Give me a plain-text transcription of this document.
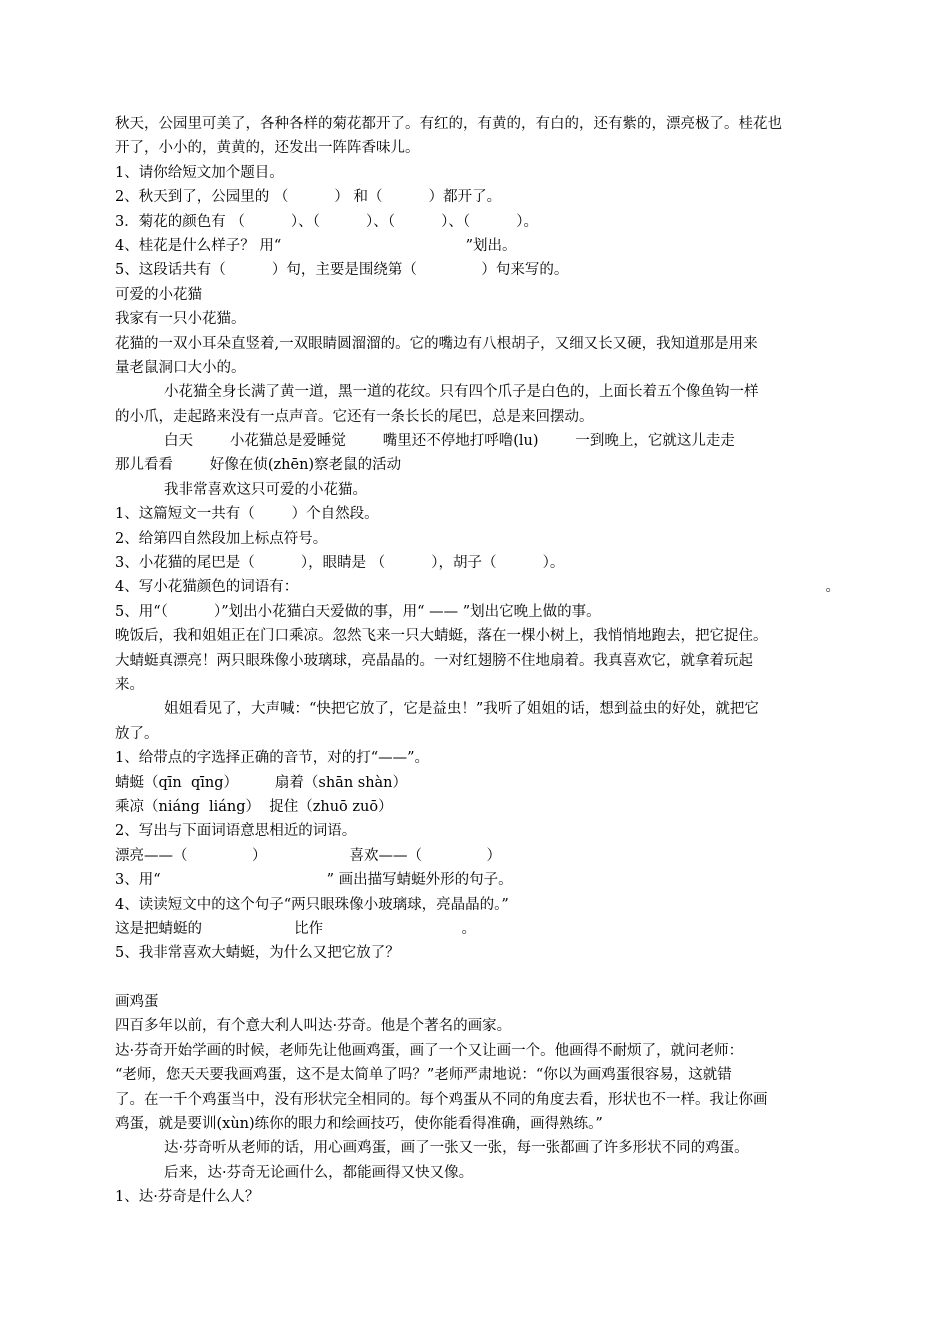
秋天，公园里可美了，各种各样的菊花都开了。有红的，有黄的，有白的，还有紫的，漂亮极了。桂花也
开了，小小的，黄黄的，还发出一阵阵香味儿。
1、请你给短文加个题目。
2、秋天到了，公园里的 （          ） 和（          ）都开了。
3．菊花的颜色有 （          ）、（          ）、（          ）、（          ）。
4、桂花是什么样子？ 用“                                        ”划出。
5、这段话共有（          ）句，主要是围绕第（              ）句来写的。
可爱的小花猫
我家有一只小花猫。
花猫的一双小耳朵直竖着,一双眼睛圆溜溜的。它的嘴边有八根胡子，又细又长又硬，我知道那是用来
量老鼠洞口大小的。
小花猫全身长满了黄一道，黑一道的花纹。只有四个爪子是白色的，上面长着五个像鱼钩一样
的小爪，走起路来没有一点声音。它还有一条长长的尾巴，总是来回摆动。
白天        小花猫总是爱睡觉        嘴里还不停地打呼噜(lu)        一到晚上，它就这儿走走
那儿看看        好像在侦(zhēn)察老鼠的活动
我非常喜欢这只可爱的小花猫。
1、这篇短文一共有（        ）个自然段。
2、给第四自然段加上标点符号。
3、小花猫的尾巴是（          ），眼睛是 （          ），胡子（          ）。
4、写小花猫颜色的词语有：	。
5、用“（          ）”划出小花猫白天爱做的事，用“ —— ”划出它晚上做的事。
晚饭后，我和姐姐正在门口乘凉。忽然飞来一只大蜻蜓，落在一棵小树上，我悄悄地跑去，把它捉住。
大蜻蜓真漂亮！两只眼珠像小玻璃球，亮晶晶的。一对红翅膀不住地扇着。我真喜欢它，就拿着玩起
来。
姐姐看见了，大声喊：“快把它放了，它是益虫！”我听了姐姐的话，想到益虫的好处，就把它
放了。
1、给带点的字选择正确的音节，对的打“——”。
蜻蜓（qīn  qīng）        扇着（shān shàn）
乘凉（niáng  liáng）  捉住（zhuō zuō）
2、写出与下面词语意思相近的词语。
漂亮——（              ）                  喜欢——（              ）
3、用“                                    ” 画出描写蜻蜓外形的句子。
4、读读短文中的这个句子“两只眼珠像小玻璃球，亮晶晶的。”
这是把蜻蜓的                    比作                              。
5、我非常喜欢大蜻蜓，为什么又把它放了？
画鸡蛋
四百多年以前，有个意大利人叫达·芬奇。他是个著名的画家。
达·芬奇开始学画的时候，老师先让他画鸡蛋，画了一个又让画一个。他画得不耐烦了，就问老师：
“老师，您天天要我画鸡蛋，这不是太简单了吗？”老师严肃地说：“你以为画鸡蛋很容易，这就错
了。在一千个鸡蛋当中，没有形状完全相同的。每个鸡蛋从不同的角度去看，形状也不一样。我让你画
鸡蛋，就是要训(xùn)练你的眼力和绘画技巧，使你能看得准确，画得熟练。”
达·芬奇听从老师的话，用心画鸡蛋，画了一张又一张，每一张都画了许多形状不同的鸡蛋。
后来，达·芬奇无论画什么，都能画得又快又像。
1、达·芬奇是什么人？
